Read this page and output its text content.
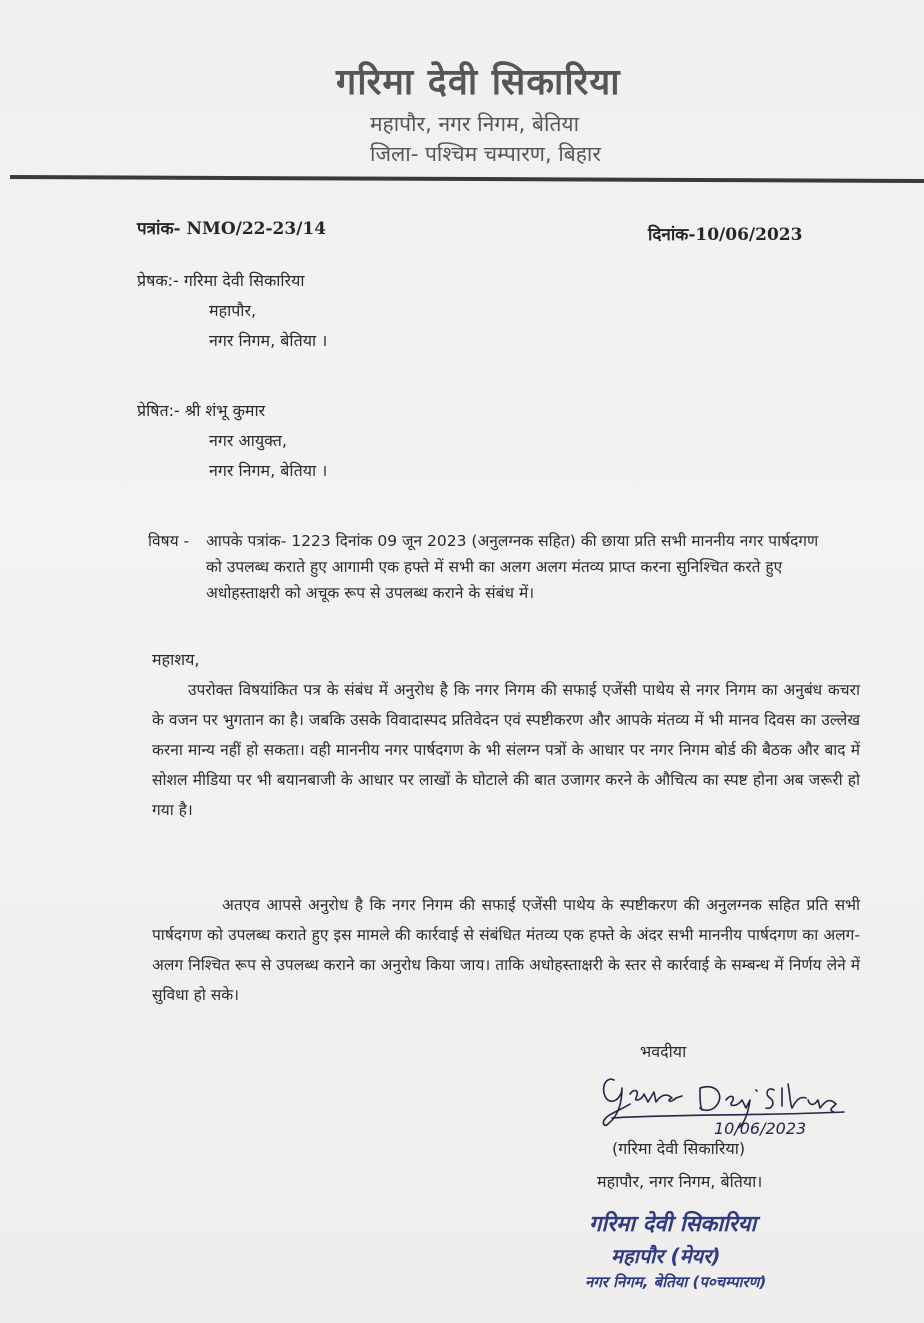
गरिमा देवी सिकारिया
महापौर, नगर निगम, बेतिया
जिला- पश्चिम चम्पारण, बिहार
पत्रांक- NMO/22-23/14	दिनांक-10/06/2023
प्रेषक:- गरिमा देवी सिकारिया
महापौर,
नगर निगम, बेतिया ।
प्रेषित:- श्री शंभू कुमार
नगर आयुक्त,
नगर निगम, बेतिया ।
विषय - आपके पत्रांक- 1223 दिनांक 09 जून 2023 (अनुलग्नक सहित) की छाया प्रति सभी माननीय नगर पार्षदगण को उपलब्ध कराते हुए आगामी एक हफ्ते में सभी का अलग अलग मंतव्य प्राप्त करना सुनिश्चित करते हुए अधोहस्ताक्षरी को अचूक रूप से उपलब्ध कराने के संबंध में।
महाशय,
उपरोक्त विषयांकित पत्र के संबंध में अनुरोध है कि नगर निगम की सफाई एजेंसी पाथेय से नगर निगम का अनुबंध कचरा के वजन पर भुगतान का है। जबकि उसके विवादास्पद प्रतिवेदन एवं स्पष्टीकरण और आपके मंतव्य में भी मानव दिवस का उल्लेख करना मान्य नहीं हो सकता। वही माननीय नगर पार्षदगण के भी संलग्न पत्रों के आधार पर नगर निगम बोर्ड की बैठक और बाद में सोशल मीडिया पर भी बयानबाजी के आधार पर लाखों के घोटाले की बात उजागर करने के औचित्य का स्पष्ट होना अब जरूरी हो गया है।
अतएव आपसे अनुरोध है कि नगर निगम की सफाई एजेंसी पाथेय के स्पष्टीकरण की अनुलग्नक सहित प्रति सभी पार्षदगण को उपलब्ध कराते हुए इस मामले की कार्रवाई से संबंधित मंतव्य एक हफ्ते के अंदर सभी माननीय पार्षदगण का अलग-अलग निश्चित रूप से उपलब्ध कराने का अनुरोध किया जाय। ताकि अधोहस्ताक्षरी के स्तर से कार्रवाई के सम्बन्ध में निर्णय लेने में सुविधा हो सके।
भवदीया
10/06/2023
(गरिमा देवी सिकारिया)
महापौर, नगर निगम, बेतिया।
गरिमा देवी सिकारिया
महापौर (मेयर)
नगर निगम, बेतिया (प०चम्पारण)
